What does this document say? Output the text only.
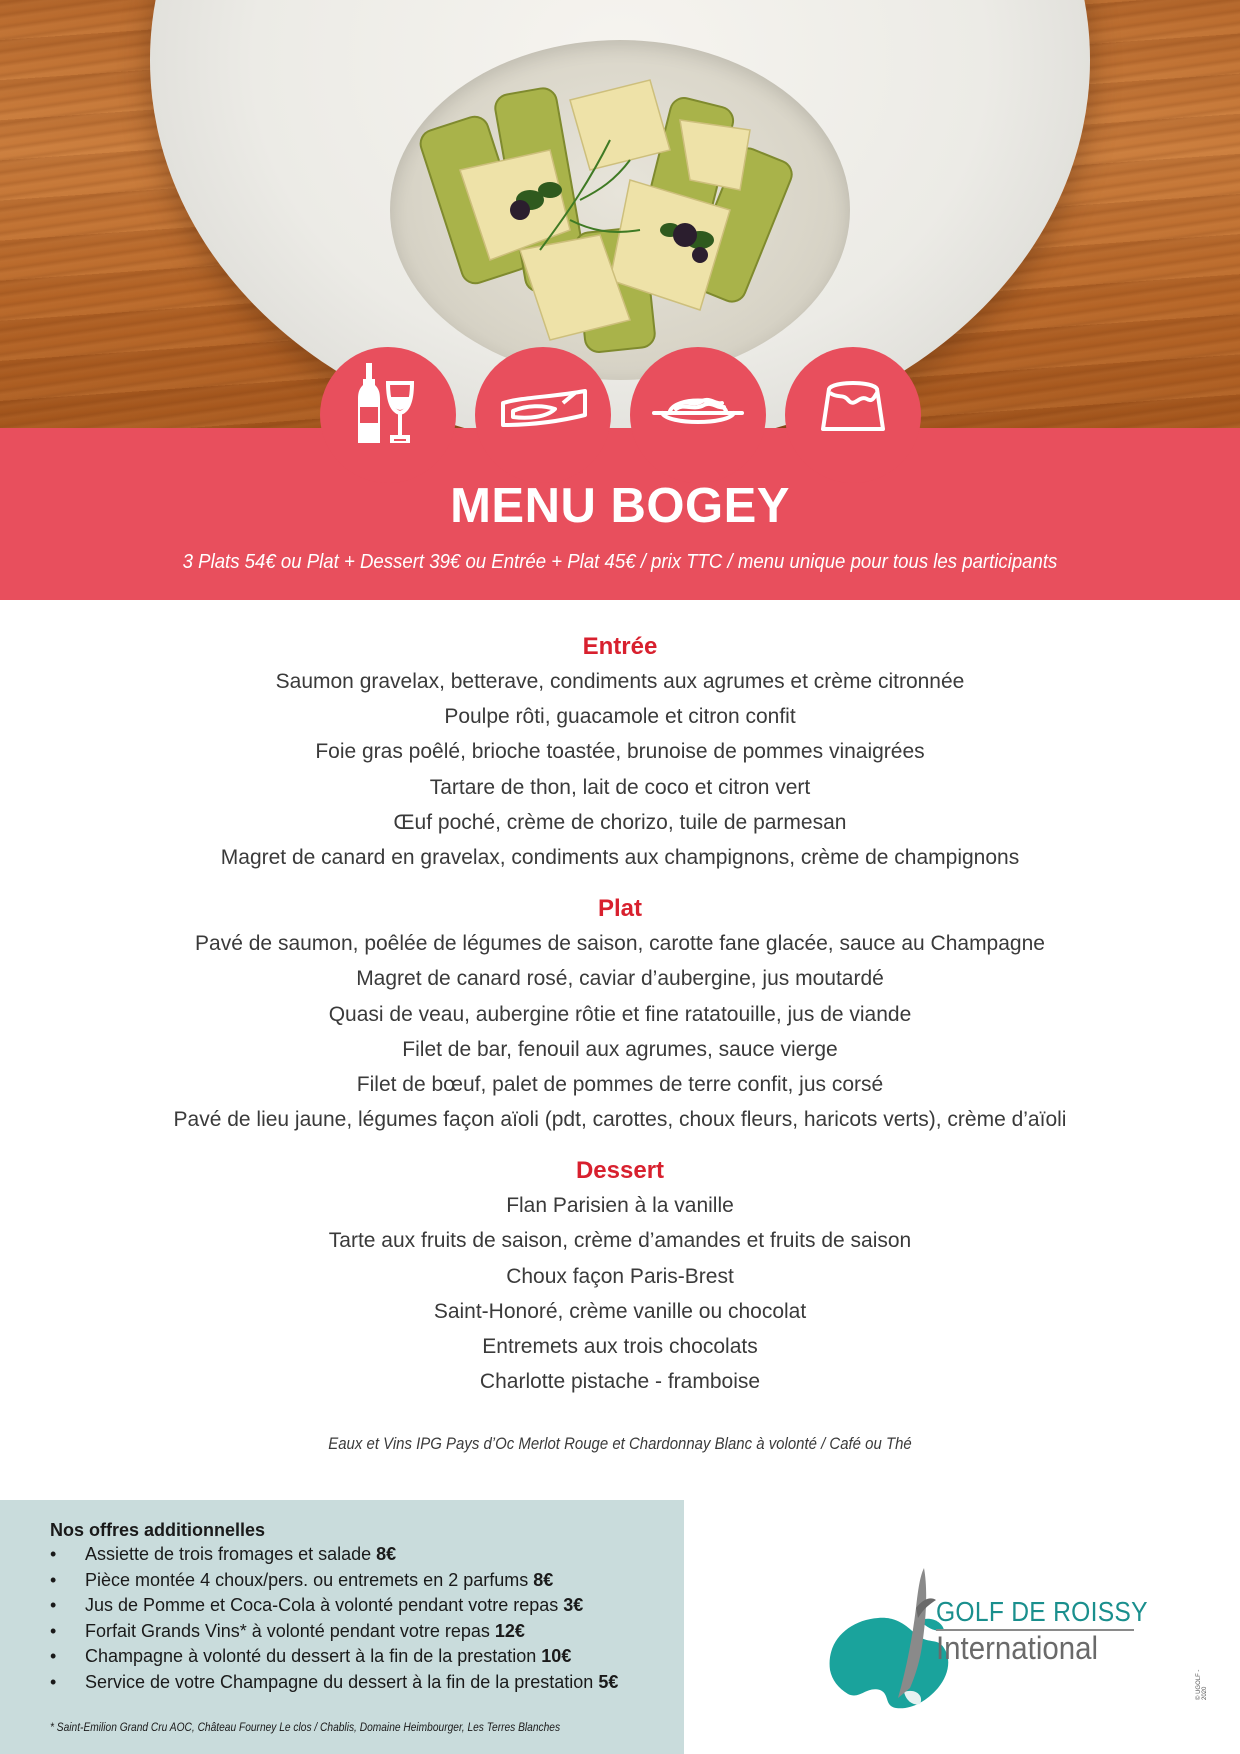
MENU BOGEY
3 Plats 54€ ou Plat + Dessert 39€ ou Entrée + Plat 45€ / prix TTC / menu unique pour tous les participants
Entrée
Saumon gravelax, betterave, condiments aux agrumes et crème citronnée
Poulpe rôti, guacamole et citron confit
Foie gras poêlé, brioche toastée, brunoise de pommes vinaigrées
Tartare de thon, lait de coco et citron vert
Œuf poché, crème de chorizo, tuile de parmesan
Magret de canard en gravelax, condiments aux champignons, crème de champignons
Plat
Pavé de saumon, poêlée de légumes de saison, carotte fane glacée, sauce au Champagne
Magret de canard rosé, caviar d’aubergine, jus moutardé
Quasi de veau, aubergine rôtie et fine ratatouille, jus de viande
Filet de bar, fenouil aux agrumes, sauce vierge
Filet de bœuf, palet de pommes de terre confit, jus corsé
Pavé de lieu jaune, légumes façon aïoli (pdt, carottes, choux fleurs, haricots verts), crème d’aïoli
Dessert
Flan Parisien à la vanille
Tarte aux fruits de saison, crème d’amandes et fruits de saison
Choux façon Paris-Brest
Saint-Honoré, crème vanille ou chocolat
Entremets aux trois chocolats
Charlotte pistache - framboise
Eaux et Vins IPG Pays d’Oc Merlot Rouge et Chardonnay Blanc à volonté / Café ou Thé
Nos offres additionnelles
• Assiette de trois fromages et salade 8€
• Pièce montée 4 choux/pers. ou entremets en 2 parfums 8€
• Jus de Pomme et Coca-Cola à volonté pendant votre repas 3€
• Forfait Grands Vins* à volonté pendant votre repas 12€
• Champagne à volonté du dessert à la fin de la prestation 10€
• Service de votre Champagne du dessert à la fin de la prestation 5€
* Saint-Emilion Grand Cru AOC, Château Fourney Le clos / Chablis, Domaine Heimbourger, Les Terres Blanches
GOLF DE ROISSY
International
© UGOLF - 2020
